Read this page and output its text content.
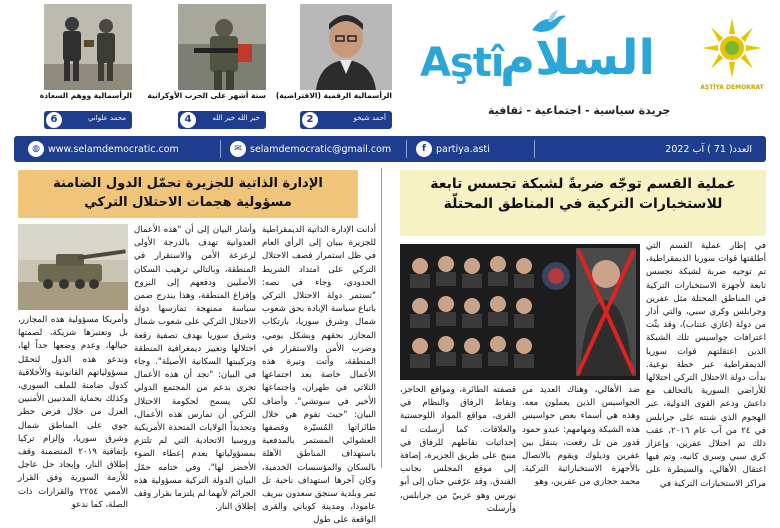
الرأسمالية ووهم السعادة
محمد علواني
6
ستة أشهر على الحرب الأوكرانية
خير الله خير الله
4
الرأسمالية الرقمية (الافتراضية)
أحمد شيخو
2
Aştî
السلام
جريدة سياسية - اجتماعية - ثقافية
AŞTÎYA DEMOKRAT
◍ www.selamdemocratic.com	✉ selamdemocratic@gmail.com	f	partiya.asti	العدد( 71 ) آب 2022
الإدارة الذاتية للجزيرة تحمّل الدول الضامنة مسؤولية هجمات الاحتلال التركي

أدانت الإدارة الذاتية الديمقراطية للجزيرة ببيان إلى الرأي العام في ظل استمرار قصف الاحتلال التركي على امتداد الشريط الحدودي، وجاء في نصه: "تستمر دولة الاحتلال التركي باتباع سياسة الإبادة بحق شعوب شمال وشرق سوريا، بارتكاب المجازر بحقهم وبشكل يومي، وضرب الأمن والاستقرار في المنطقة، وأتت وتيرة هذه الأعمال خاصة بعد اجتماعها الثلاثي في طهران، واجتماعها الأخير في سوتشي". وأضاف البيان: "حيث تقوم هي خلال طائراتها المُسيّرة وقصفها العشوائي المستمر بالمدفعية باستهداف المناطق الآهلة بالسكان والمؤسسات الخدمية، وكان آخرها استهداف ناحية تل تمر وبلدية سنجق سعدون ببريف عامودا، ومدينة كوباني والقرى الواقعة على طول

وأشار البيان إلى أن "هذه الأعمال العدوانية تهدف بالدرجة الأولى لزعزعة الأمن والاستقرار في المنطقة، وبالتالي ترهيب السكان الأصليين ودفعهم إلى النزوح وإفراغ المنطقة، وهذا يندرج ضمن سياسة ممنهجة تمارسها دولة الاحتلال التركي على شعوب شمال وشرق سوريا بهدف تصفية رقعة احتلالها وتغيير ديمغرافية المنطقة وتركيبتها السكانية الأصيلة". وجاء في البيان: "نجد أن هذه الأعمال تجري بدعم من المجتمع الدولي لكي يسمح لحكومة الاحتلال التركي أن تمارس هذه الأعمال، وتحديداً الولايات المتحدة الأمريكية وروسيا الاتحادية التي لم تلتزم بمسؤولياتها بعدم إعطاء الضوء الأخضر لها". وفي ختامه حمّل البيان الدولة التركية مسؤولية هذه الجرائم لأنهما لم يلتزما بقرار وقف إطلاق النار.

وأمريكا مسؤولية هذه المجازر، بل وتعتبرها شريكة، لصمتها حيالها، وعدم وضعها حداً لها، وندعو هذه الدول لتحمّل مسؤولياتهم القانونية والأخلاقية كدول ضامنة للملف السوري، وكذلك بحماية المدنيين الأمنيين العزل من خلال فرض حظر جوي على المناطق شمال وشرق سوريا، وإلزام تركيا بإتفاقية ٢٠١٩ المتضمنة وقف إطلاق النار، وإيجاد حل عاجل للأزمة السورية وفق القرار الأممي ٢٢٥٤ والقرارات ذات الصلة، كما ندعو

عملية القسم توجّه ضربةً لشبكة تجسس تابعة للاستخبارات التركية في المناطق المحتلّة

في إطار عملية القسم التي أطلقتها قوات سوريا الديمقراطية، تم توجيه ضربة لشبكة تجسس تابعة لأجهزة الاستخبارات التركية في المناطق المحتلة مثل عفرين وجرابلس وكري سبي، والتي أدار من دولة (غازي عنتاب)، وقد بثّت اعترافات جواسيس تلك الشبكة الذين اعتقلتهم قوات سوريا الديمقراطية عبر خطة نوعية. بدأت دولة الاحتلال التركي احتلالها للأراضي السورية بالتحالف مع داعش ودعم القوى الدولية، عبر الهجوم الذي شنته على جرابلس في ٢٤ من آب عام ٢٠١٦، عقب ذلك تم احتلال عفرين، وإعزاز كري سبي وسري كانيه، وتم فيها اعتقال الأهالي، والسيطرة على مراكز الاستخبارات التركية في

ضد الأهالي، وهناك العديد من الجواسيس الذين يعملون معه. وهذه هي أسماء بعض جواسيس هذه الشبكة ومهامهم: عبدو حمود قدور من تل رفعت، يتنقل بين عفرين وديلوك ويقوم بالاتصال بالأجهزة الاستخباراتية التركية. محمد حجازي من عفرين، وهو

قصفته الطائرة، ومواقع الحاجز، ونقاط الرفاق والنظام في القرى، مواقع المواد اللوجستية والعلاقات. كما أرسلت له إحداثيات نقاطهم للرفاق في منبج على طريق الجزيرة، إضافة إلى موقع المجلس بجانب الفندق. وقد عرّفني حنان إلى أبو نورس وهو عربيّ من جرابلس، وأرسلت
